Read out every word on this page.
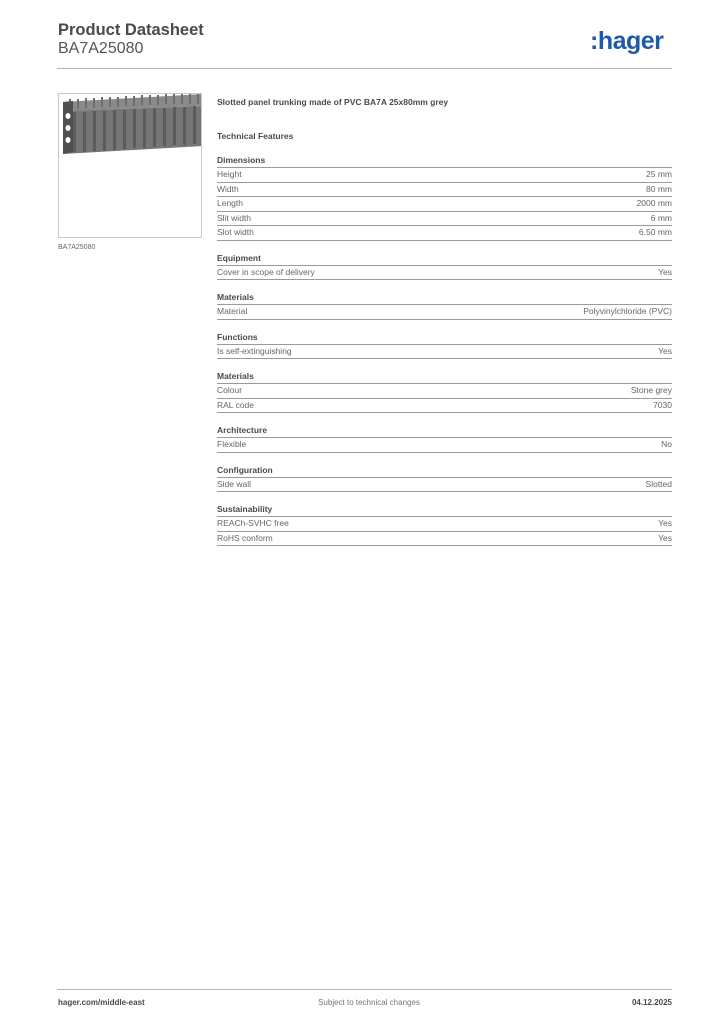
Product Datasheet
BA7A25080	:hager
BA7A25080
Slotted panel trunking made of PVC BA7A 25x80mm grey
Technical Features
Dimensions
Height	25 mm
Width	80 mm
Length	2000 mm
Slit width	6 mm
Slot width	6.50 mm
Equipment
Cover in scope of delivery	Yes
Materials
Material	Polyvinylchloride (PVC)
Functions
Is self-extinguishing	Yes
Materials
Colour	Stone grey
RAL code	7030
Architecture
Flexible	No
Configuration
Side wall	Slotted
Sustainability
REACh-SVHC free	Yes
RoHS conform	Yes
hager.com/middle-east	Subject to technical changes	04.12.2025
